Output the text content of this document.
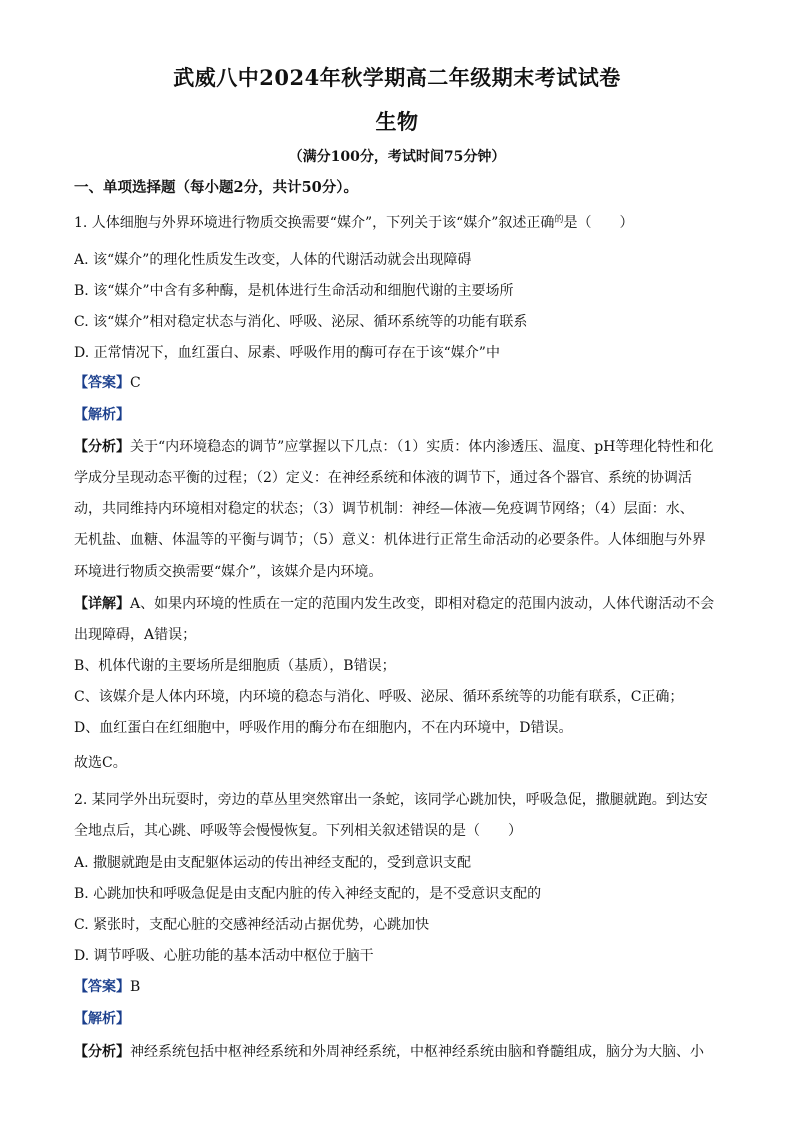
武威八中2024年秋学期高二年级期末考试试卷
生物
（满分100分，考试时间75分钟）
一、单项选择题（每小题2分，共计50分）。
1. 人体细胞与外界环境进行物质交换需要“媒介”，下列关于该“媒介”叙述正确$^的$是（　　）
A. 该“媒介”的理化性质发生改变，人体的代谢活动就会出现障碍
B. 该“媒介”中含有多种酶，是机体进行生命活动和细胞代谢的主要场所
C. 该“媒介”相对稳定状态与消化、呼吸、泌尿、循环系统等的功能有联系
D. 正常情况下，血红蛋白、尿素、呼吸作用的酶可存在于该“媒介”中
【答案】C
【解析】
【分析】关于“内环境稳态的调节”应掌握以下几点：（1）实质：体内渗透压、温度、pH等理化特性和化
学成分呈现动态平衡的过程；（2）定义：在神经系统和体液的调节下，通过各个器官、系统的协调活
动，共同维持内环境相对稳定的状态；（3）调节机制：神经—体液—免疫调节网络；（4）层面：水、
无机盐、血糖、体温等的平衡与调节；（5）意义：机体进行正常生命活动的必要条件。人体细胞与外界
环境进行物质交换需要“媒介”，该媒介是内环境。
【详解】A、如果内环境的性质在一定的范围内发生改变，即相对稳定的范围内波动，人体代谢活动不会
出现障碍，A错误；
B、机体代谢的主要场所是细胞质（基质），B错误；
C、该媒介是人体内环境，内环境的稳态与消化、呼吸、泌尿、循环系统等的功能有联系，C正确；
D、血红蛋白在红细胞中，呼吸作用的酶分布在细胞内，不在内环境中，D错误。
故选C。
2. 某同学外出玩耍时，旁边的草丛里突然窜出一条蛇，该同学心跳加快，呼吸急促，撒腿就跑。到达安
全地点后，其心跳、呼吸等会慢慢恢复。下列相关叙述错误的是（　　）
A. 撒腿就跑是由支配躯体运动的传出神经支配的，受到意识支配
B. 心跳加快和呼吸急促是由支配内脏的传入神经支配的，是不受意识支配的
C. 紧张时，支配心脏的交感神经活动占据优势，心跳加快
D. 调节呼吸、心脏功能的基本活动中枢位于脑干
【答案】B
【解析】
【分析】神经系统包括中枢神经系统和外周神经系统，中枢神经系统由脑和脊髓组成，脑分为大脑、小
